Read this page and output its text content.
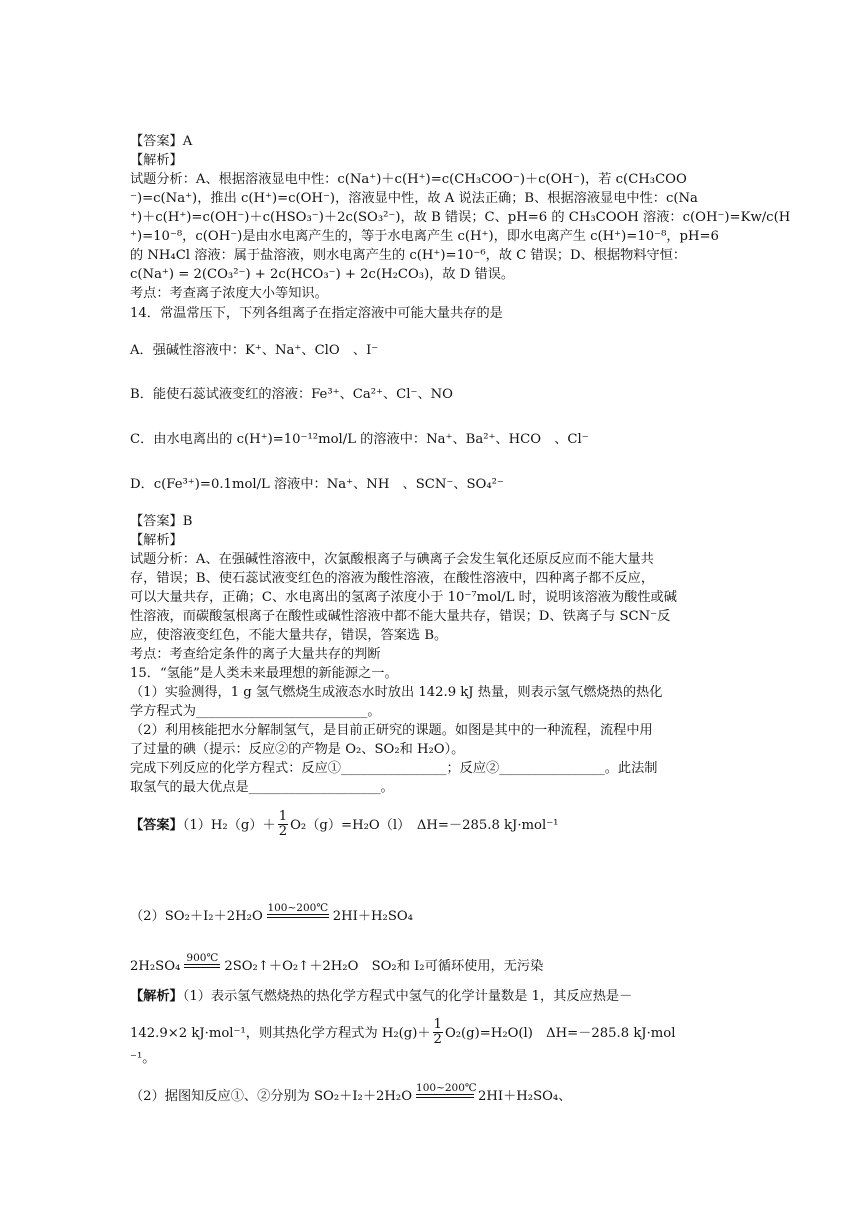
【答案】A
【解析】
试题分析：A、根据溶液显电中性：c(Na⁺)＋c(H⁺)=c(CH₃COO⁻)＋c(OH⁻)，若 c(CH₃COO
⁻)=c(Na⁺)，推出 c(H⁺)=c(OH⁻)，溶液显中性，故 A 说法正确；B、根据溶液显电中性：c(Na
⁺)＋c(H⁺)=c(OH⁻)＋c(HSO₃⁻)＋2c(SO₃²⁻)，故 B 错误；C、pH=6 的 CH₃COOH 溶液：c(OH⁻)=Kw/c(H
⁺)=10⁻⁸，c(OH⁻)是由水电离产生的，等于水电离产生 c(H⁺)，即水电离产生 c(H⁺)=10⁻⁸，pH=6
的 NH₄Cl 溶液：属于盐溶液，则水电离产生的 c(H⁺)=10⁻⁶，故 C 错误；D、根据物料守恒：
c(Na⁺) = 2(CO₃²⁻) + 2c(HCO₃⁻) + 2c(H₂CO₃)，故 D 错误。
考点：考查离子浓度大小等知识。
14．常温常压下，下列各组离子在指定溶液中可能大量共存的是
A．强碱性溶液中：K⁺、Na⁺、ClO　、I⁻
B．能使石蕊试液变红的溶液：Fe³⁺、Ca²⁺、Cl⁻、NO
C．由水电离出的 c(H⁺)=10⁻¹²mol/L 的溶液中：Na⁺、Ba²⁺、HCO　、Cl⁻
D．c(Fe³⁺)=0.1mol/L 溶液中：Na⁺、NH　、SCN⁻、SO₄²⁻
【答案】B
【解析】
试题分析：A、在强碱性溶液中，次氯酸根离子与碘离子会发生氧化还原反应而不能大量共
存，错误；B、使石蕊试液变红色的溶液为酸性溶液，在酸性溶液中，四种离子都不反应，
可以大量共存，正确；C、水电离出的氢离子浓度小于 10⁻⁷mol/L 时，说明该溶液为酸性或碱
性溶液，而碳酸氢根离子在酸性或碱性溶液中都不能大量共存，错误；D、铁离子与 SCN⁻反
应，使溶液变红色，不能大量共存，错误，答案选 B。
考点：考查给定条件的离子大量共存的判断
15．“氢能”是人类未来最理想的新能源之一。
（1）实验测得，1 g 氢气燃烧生成液态水时放出 142.9 kJ 热量，则表示氢气燃烧热的热化
学方程式为__________________________。
（2）利用核能把水分解制氢气，是目前正研究的课题。如图是其中的一种流程，流程中用
了过量的碘（提示：反应②的产物是 O₂、SO₂和 H₂O）。
完成下列反应的化学方程式：反应①________________；反应②________________。此法制
取氢气的最大优点是____________________。
【答案】$(1)H_2(g)+ \frac{1}{2} O_2(g)=H_2O(l)$　ΔH=－285.8 kJ·mol⁻¹
（2）SO₂＋I₂＋2H₂O
100~200℃
2HI＋H₂SO₄
2H₂SO₄
900℃
2SO₂↑＋O₂↑＋2H₂O　SO₂和 I₂可循环使用，无污染
【解析】（1）表示氢气燃烧热的热化学方程式中氢气的化学计量数是 1，其反应热是－
142.9×2 kJ·mol⁻¹，则其热化学方程式为 $H_2(g)+ \frac{1}{2} O_2(g)=H_2O(l)$　ΔH=－285.8 kJ·mol
⁻¹。
（2）据图知反应①、②分别为 SO₂＋I₂＋2H₂O
100~200℃
2HI＋H₂SO₄、
